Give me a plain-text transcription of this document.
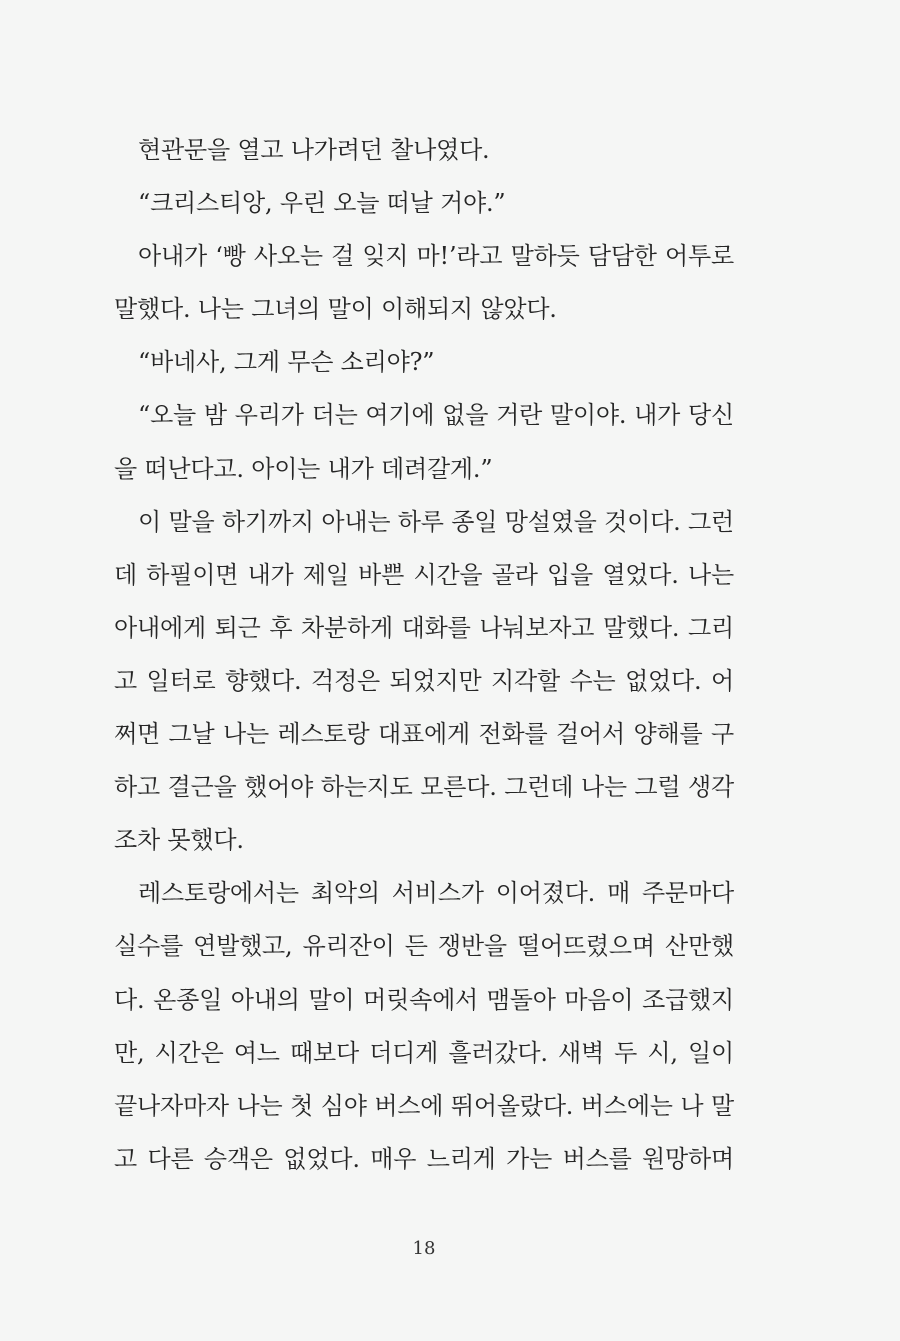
현관문을 열고 나가려던 찰나였다.
“크리스티앙, 우린 오늘 떠날 거야.”
아내가 ‘빵 사오는 걸 잊지 마!’라고 말하듯 담담한 어투로
말했다. 나는 그녀의 말이 이해되지 않았다.
“바네사, 그게 무슨 소리야?”
“오늘 밤 우리가 더는 여기에 없을 거란 말이야. 내가 당신
을 떠난다고. 아이는 내가 데려갈게.”
이 말을 하기까지 아내는 하루 종일 망설였을 것이다. 그런
데 하필이면 내가 제일 바쁜 시간을 골라 입을 열었다. 나는
아내에게 퇴근 후 차분하게 대화를 나눠보자고 말했다. 그리
고 일터로 향했다. 걱정은 되었지만 지각할 수는 없었다. 어
쩌면 그날 나는 레스토랑 대표에게 전화를 걸어서 양해를 구
하고 결근을 했어야 하는지도 모른다. 그런데 나는 그럴 생각
조차 못했다.
레스토랑에서는 최악의 서비스가 이어졌다. 매 주문마다
실수를 연발했고, 유리잔이 든 쟁반을 떨어뜨렸으며 산만했
다. 온종일 아내의 말이 머릿속에서 맴돌아 마음이 조급했지
만, 시간은 여느 때보다 더디게 흘러갔다. 새벽 두 시, 일이
끝나자마자 나는 첫 심야 버스에 뛰어올랐다. 버스에는 나 말
고 다른 승객은 없었다. 매우 느리게 가는 버스를 원망하며
18
